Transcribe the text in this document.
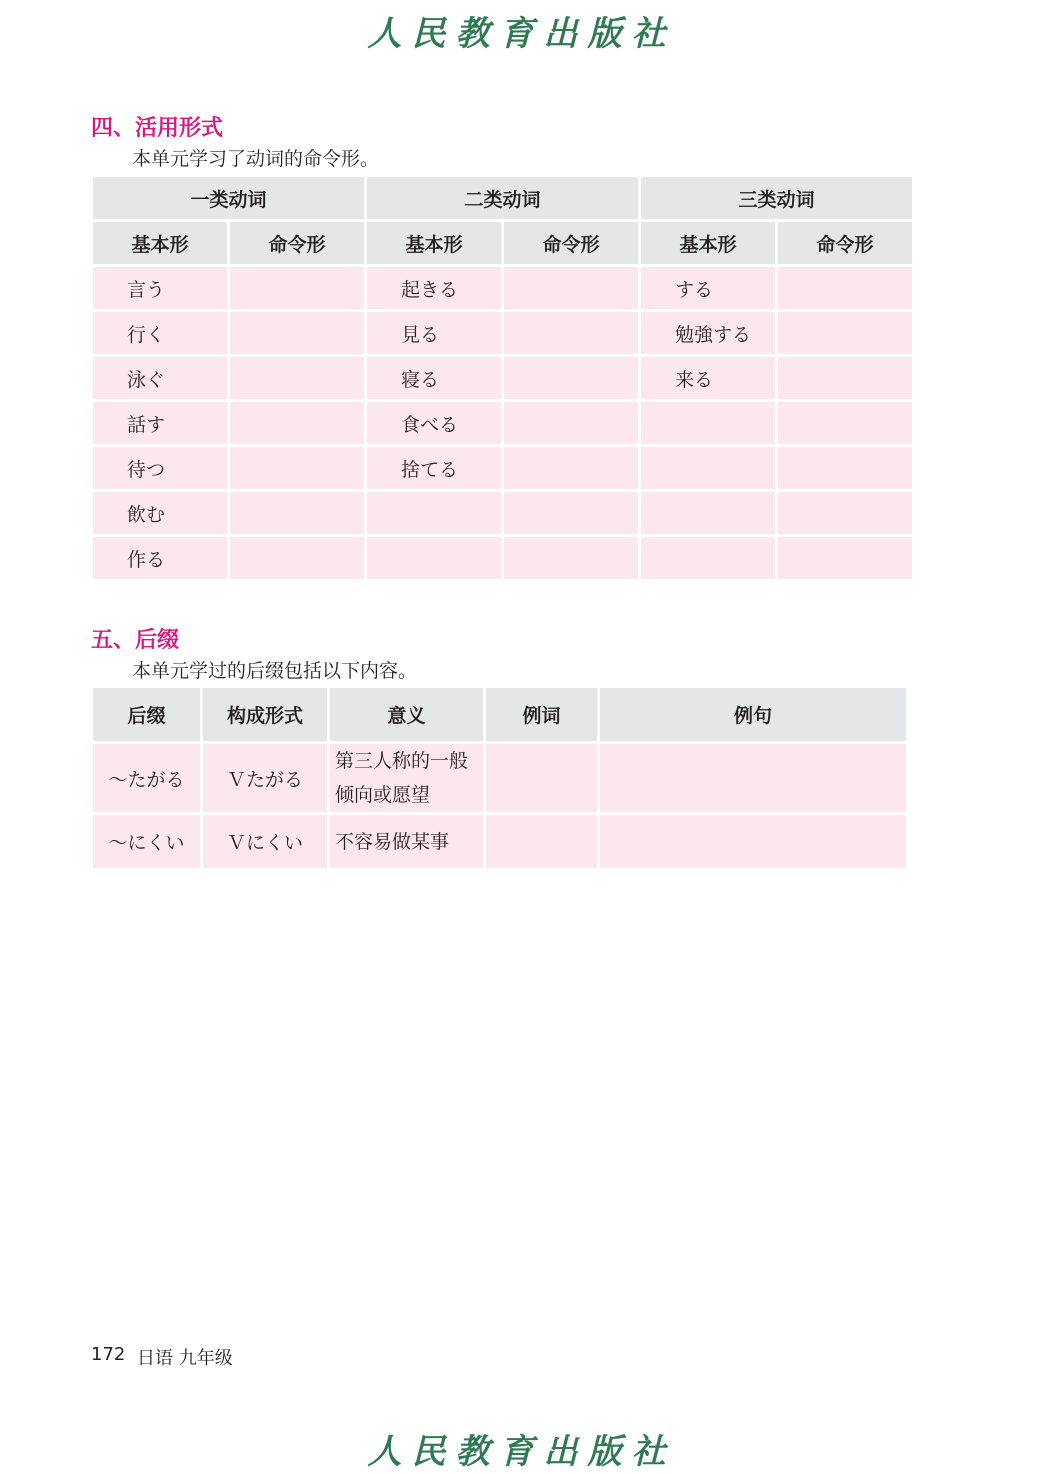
人民教育出版社
四、活用形式
本单元学习了动词的命令形。
一类动词		二类动词		三类动词	
基本形	命令形	基本形	命令形	基本形	命令形
言う		起きる		する	
行く		見る		勉強する	
泳ぐ		寝る		来る	
話す		食べる			
待つ		捨てる			
飲む					
作る					
五、后缀
本单元学过的后缀包括以下内容。
后缀	构成形式	意义	例词	例句
～たがる	Ｖたがる	第三人称的一般倾向或愿望		
～にくい	Ｖにくい	不容易做某事		
172 日语 九年级
人民教育出版社
